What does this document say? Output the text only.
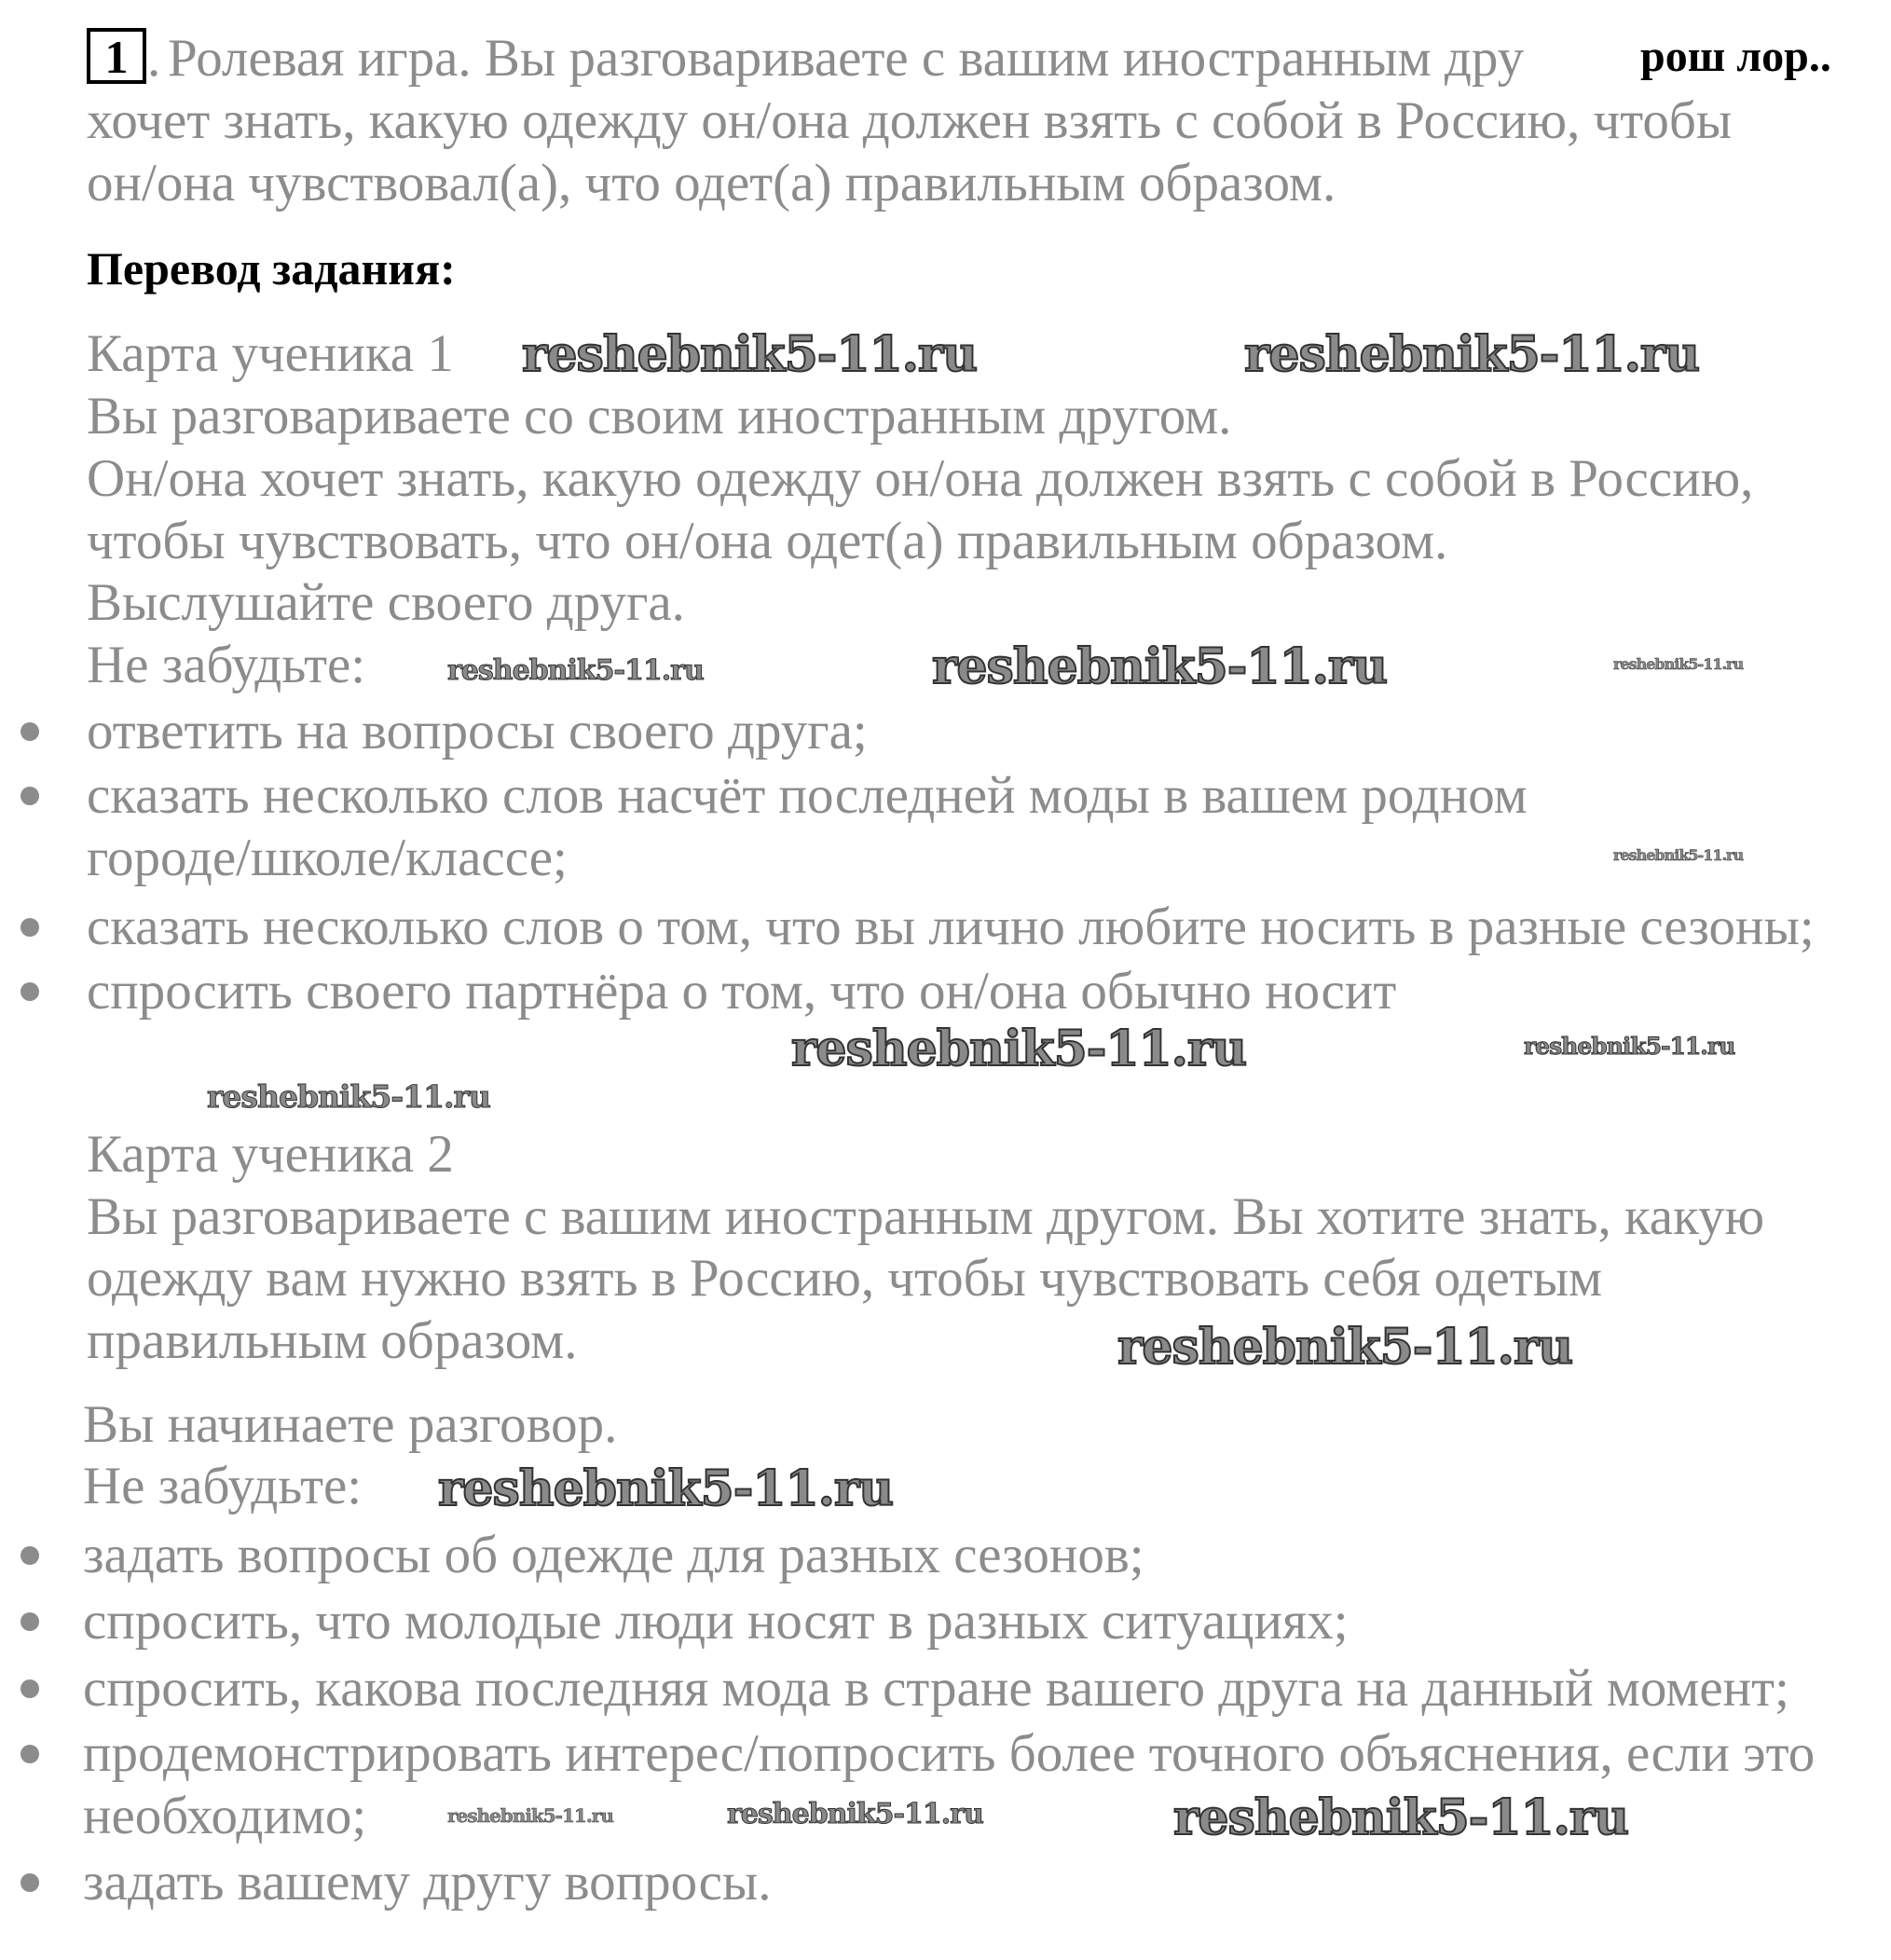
1 . Ролевая игра. Вы разговариваете с вашим иностранным дру
хочет знать, какую одежду он/она должен взять с собой в Россию, чтобы
он/она чувствовал(а), что одет(а) правильным образом.
рош лор..
Перевод задания:
Карта ученика 1
Вы разговариваете со своим иностранным другом.
Он/она хочет знать, какую одежду он/она должен взять с собой в Россию,
чтобы чувствовать, что он/она одет(а) правильным образом.
Выслушайте своего друга.
Не забудьте:
ответить на вопросы своего друга;
сказать несколько слов насчёт последней моды в вашем родном
городе/школе/классе;
сказать несколько слов о том, что вы лично любите носить в разные сезоны;
спросить своего партнёра о том, что он/она обычно носит
Карта ученика 2
Вы разговариваете с вашим иностранным другом. Вы хотите знать, какую
одежду вам нужно взять в Россию, чтобы чувствовать себя одетым
правильным образом.
Вы начинаете разговор.
Не забудьте:
задать вопросы об одежде для разных сезонов;
спросить, что молодые люди носят в разных ситуациях;
спросить, какова последняя мода в стране вашего друга на данный момент;
продемонстрировать интерес/попросить более точного объяснения, если это
необходимо;
задать вашему другу вопросы.
reshebnik5-11.ru	reshebnik5-11.ru
reshebnik5-11.ru	reshebnik5-11.ru	reshebnik5-11.ru
reshebnik5-11.ru
reshebnik5-11.ru	reshebnik5-11.ru
reshebnik5-11.ru
reshebnik5-11.ru
reshebnik5-11.ru
reshebnik5-11.ru	reshebnik5-11.ru	reshebnik5-11.ru
